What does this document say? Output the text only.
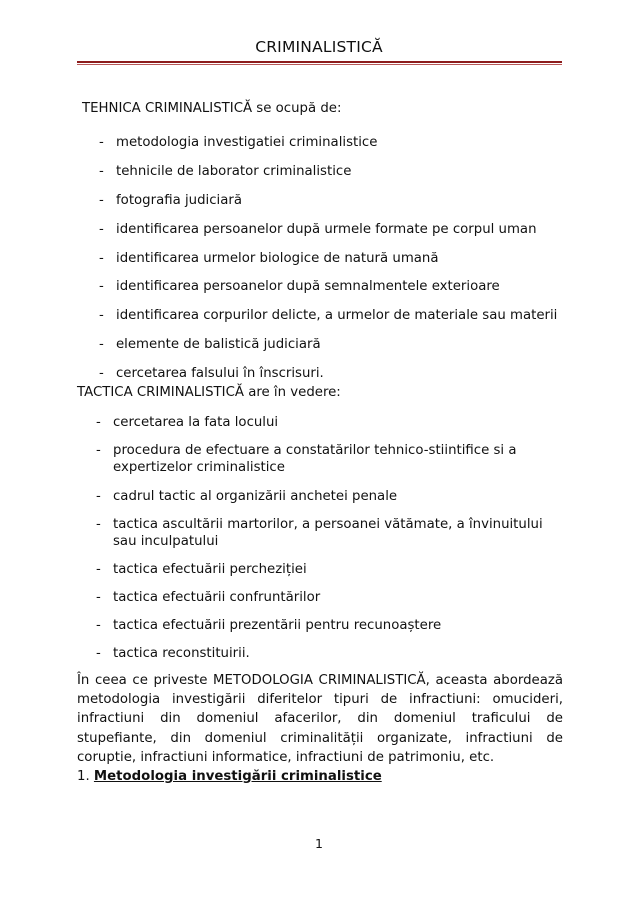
CRIMINALISTICĂ
TEHNICA CRIMINALISTICĂ se ocupă de:
- metodologia investigatiei criminalistice
- tehnicile de laborator criminalistice
- fotografia judiciară
- identificarea persoanelor după urmele formate pe corpul uman
- identificarea urmelor biologice de natură umană
- identificarea persoanelor după semnalmentele exterioare
- identificarea corpurilor delicte, a urmelor de materiale sau materii
- elemente de balistică judiciară
- cercetarea falsului în înscrisuri.
TACTICA CRIMINALISTICĂ are în vedere:
- cercetarea la fata locului
- procedura de efectuare a constatărilor tehnico-stiintifice si a expertizelor criminalistice
- cadrul tactic al organizării anchetei penale
- tactica ascultării martorilor, a persoanei vătămate, a învinuitului sau inculpatului
- tactica efectuării percheziției
- tactica efectuării confruntărilor
- tactica efectuării prezentării pentru recunoaștere
- tactica reconstituirii.
În ceea ce priveste METODOLOGIA CRIMINALISTICĂ, aceasta abordează metodologia investigării diferitelor tipuri de infractiuni: omucideri, infractiuni din domeniul afacerilor, din domeniul traficului de stupefiante, din domeniul criminalității organizate, infractiuni de coruptie, infractiuni informatice, infractiuni de patrimoniu, etc.
1. Metodologia investigării criminalistice
1
